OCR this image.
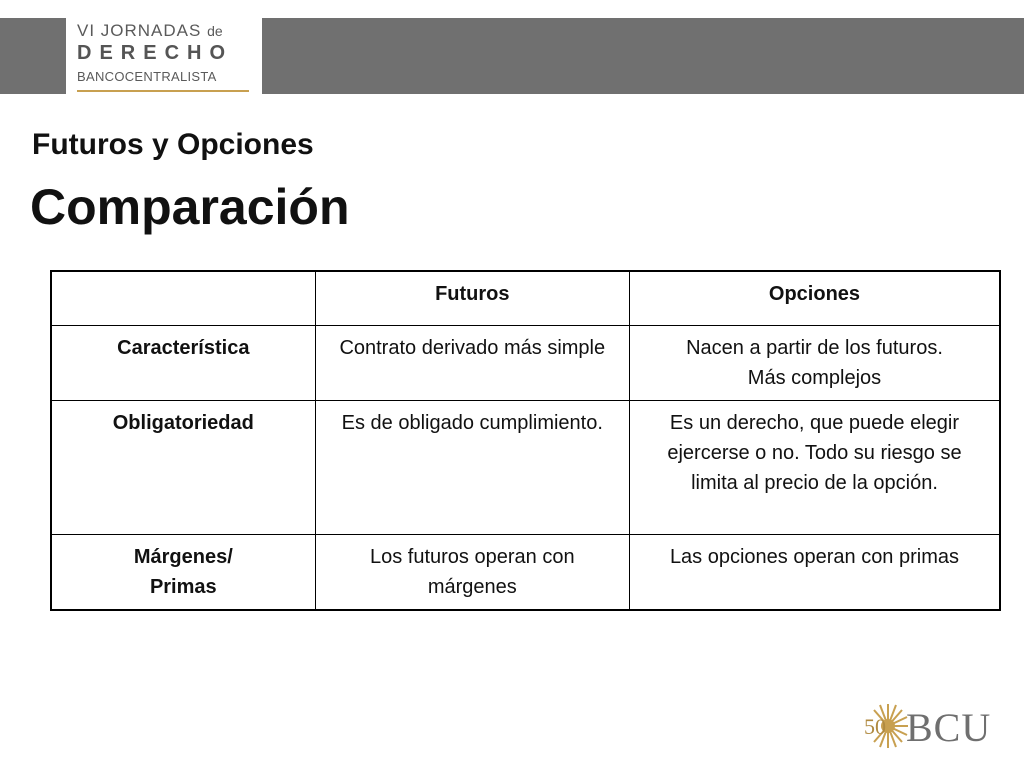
VI JORNADAS de
DERECHO
BANCOCENTRALISTA
Futuros y Opciones
Comparación
	Futuros	Opciones
Característica	Contrato derivado más simple	Nacen a partir de los futuros.
Más complejos
Obligatoriedad	Es de obligado cumplimiento.	Es un derecho, que puede elegir ejercerse o no. Todo su riesgo se limita al precio de la opción.
Márgenes/
Primas	Los futuros operan con márgenes	Las opciones operan con primas
50 BCU
